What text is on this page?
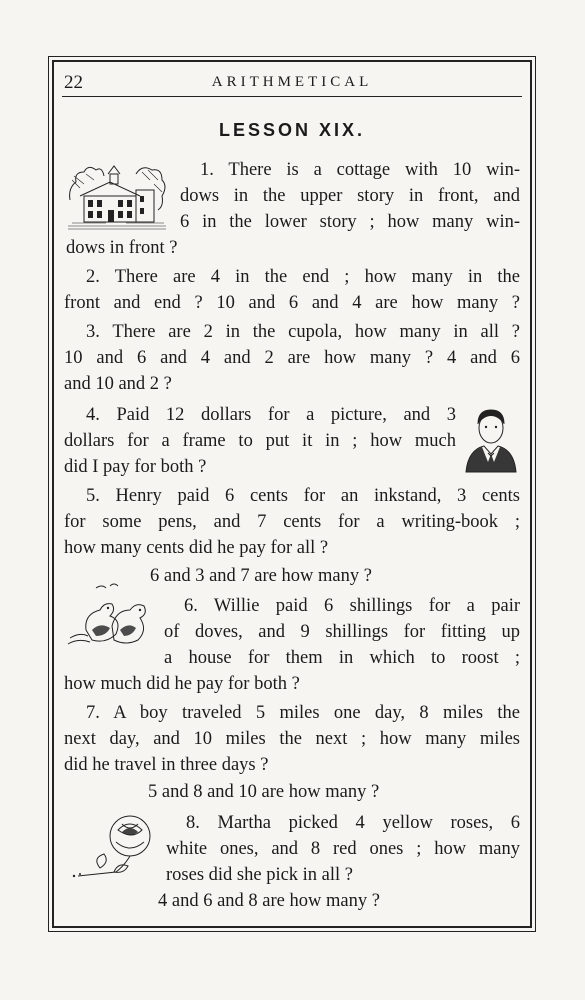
22	ARITHMETICAL
LESSON XIX.
1. There is a cottage with 10 win-
dows in the upper story in front, and
6 in the lower story ; how many win-
dows in front ?
2. There are 4 in the end ; how many in the
front and end ? 10 and 6 and 4 are how many ?
3. There are 2 in the cupola, how many in all ?
10 and 6 and 4 and 2 are how many ? 4 and 6
and 10 and 2 ?
4. Paid 12 dollars for a picture, and 3
dollars for a frame to put it in ; how much
did I pay for both ?
5. Henry paid 6 cents for an inkstand, 3 cents
for some pens, and 7 cents for a writing-book ;
how many cents did he pay for all ?
6 and 3 and 7 are how many ?
6. Willie paid 6 shillings for a pair
of doves, and 9 shillings for fitting up
a house for them in which to roost ;
how much did he pay for both ?
7. A boy traveled 5 miles one day, 8 miles the
next day, and 10 miles the next ; how many miles
did he travel in three days ?
5 and 8 and 10 are how many ?
8. Martha picked 4 yellow roses, 6
white ones, and 8 red ones ; how many
roses did she pick in all ?
4 and 6 and 8 are how many ?
